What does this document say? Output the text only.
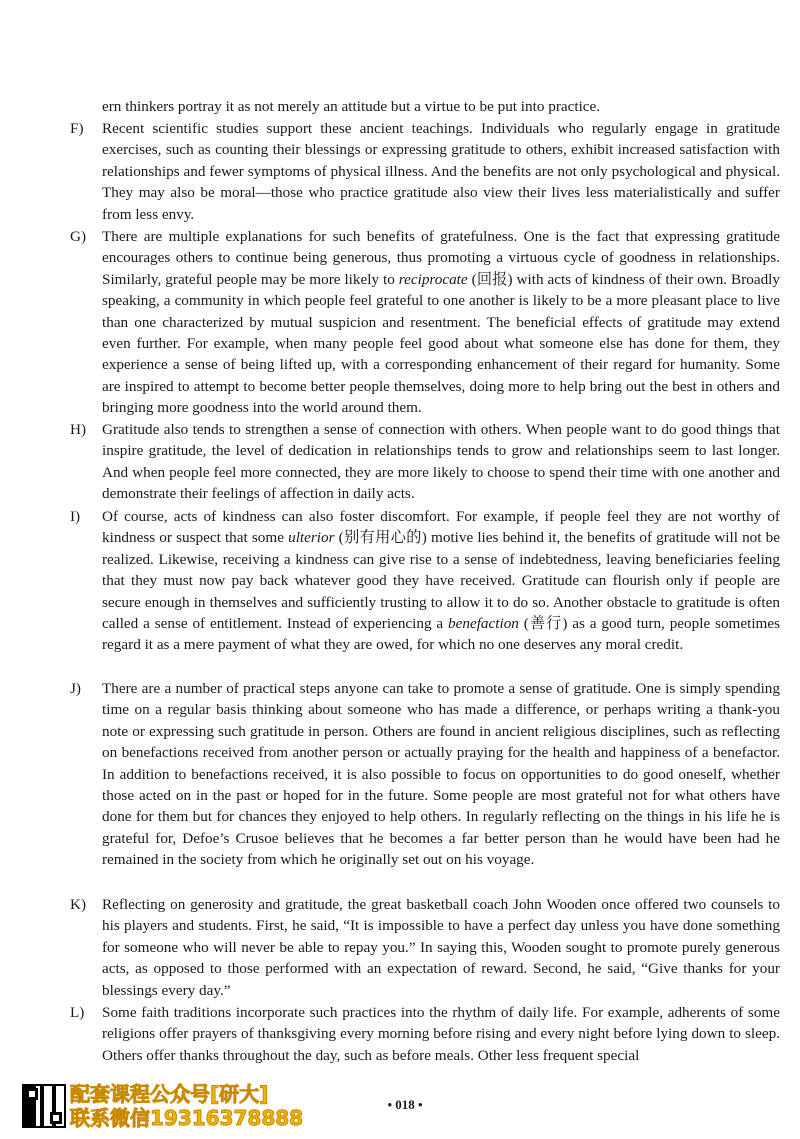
ern thinkers portray it as not merely an attitude but a virtue to be put into practice.
F)	Recent scientific studies support these ancient teachings. Individuals who regularly engage in gratitude exercises, such as counting their blessings or expressing gratitude to others, exhibit increased satisfaction with relationships and fewer symptoms of physical illness. And the benefits are not only psychological and physical. They may also be moral—those who practice gratitude also view their lives less materialistically and suffer from less envy.

G)	There are multiple explanations for such benefits of gratefulness. One is the fact that expressing gratitude encourages others to continue being generous, thus promoting a virtuous cycle of goodness in relationships. Similarly, grateful people may be more likely to reciprocate (回报) with acts of kindness of their own. Broadly speaking, a community in which people feel grateful to one another is likely to be a more pleasant place to live than one characterized by mutual suspicion and resentment. The beneficial effects of gratitude may extend even further. For example, when many people feel good about what someone else has done for them, they experience a sense of being lifted up, with a corresponding enhancement of their regard for humanity. Some are inspired to attempt to become better people themselves, doing more to help bring out the best in others and bringing more goodness into the world around them.

H)	Gratitude also tends to strengthen a sense of connection with others. When people want to do good things that inspire gratitude, the level of dedication in relationships tends to grow and relationships seem to last longer. And when people feel more connected, they are more likely to choose to spend their time with one another and demonstrate their feelings of affection in daily acts.

I)	Of course, acts of kindness can also foster discomfort. For example, if people feel they are not worthy of kindness or suspect that some ulterior (别有用心的) motive lies behind it, the benefits of gratitude will not be realized. Likewise, receiving a kindness can give rise to a sense of indebtedness, leaving beneficiaries feeling that they must now pay back whatever good they have received. Gratitude can flourish only if people are secure enough in themselves and sufficiently trusting to allow it to do so. Another obstacle to gratitude is often called a sense of entitlement. Instead of experiencing a benefaction (善行) as a good turn, people sometimes regard it as a mere payment of what they are owed, for which no one deserves any moral credit.

J)	There are a number of practical steps anyone can take to promote a sense of gratitude. One is simply spending time on a regular basis thinking about someone who has made a difference, or perhaps writing a thank-you note or expressing such gratitude in person. Others are found in ancient religious disciplines, such as reflecting on benefactions received from another person or actually praying for the health and happiness of a benefactor. In addition to benefactions received, it is also possible to focus on opportunities to do good oneself, whether those acted on in the past or hoped for in the future. Some people are most grateful not for what others have done for them but for chances they enjoyed to help others. In regularly reflecting on the things in his life he is grateful for, Defoe’s Crusoe believes that he becomes a far better person than he would have been had he remained in the society from which he originally set out on his voyage.

K)	Reflecting on generosity and gratitude, the great basketball coach John Wooden once offered two counsels to his players and students. First, he said, “It is impossible to have a perfect day unless you have done something for someone who will never be able to repay you.” In saying this, Wooden sought to promote purely generous acts, as opposed to those performed with an expectation of reward. Second, he said, “Give thanks for your blessings every day.”

L)	Some faith traditions incorporate such practices into the rhythm of daily life. For example, adherents of some religions offer prayers of thanksgiving every morning before rising and every night before lying down to sleep. Others offer thanks throughout the day, such as before meals. Other less frequent special

• 018 •
配套课程公众号[研大]
联系微信19316378888
